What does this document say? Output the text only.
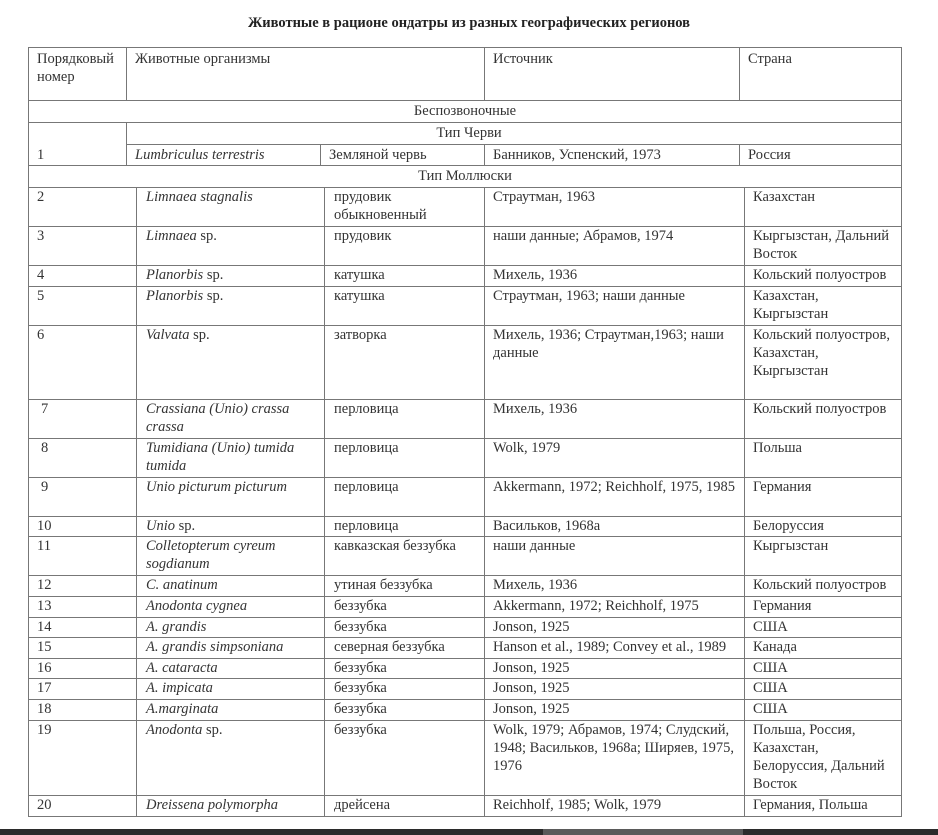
Животные в рационе ондатры из разных географических регионов
Порядковый номер	Животные организмы		Источник	Страна
Беспозвоночные				
1	Тип Черви			
	Lumbriculus terrestris	Земляной червь	Банников, Успенский, 1973	Россия
Тип Моллюски				
2	Limnaea stagnalis	прудовик обыкновенный	Страутман, 1963	Казахстан
3	Limnaea sp.	прудовик	наши данные; Абрамов, 1974	Кыргызстан, Дальний Восток
4	Planorbis sp.	катушка	Михель, 1936	Кольский полуостров
5	Planorbis sp.	катушка	Страутман, 1963; наши данные	Казахстан, Кыргызстан
6	Valvata sp.	затворка	Михель, 1936; Страутман,1963; наши данные	Кольский полуостров, Казахстан, Кыргызстан
7	Crassiana (Unio) crassa crassa	перловица	Михель, 1936	Кольский полуостров
8	Tumidiana (Unio) tumida tumida	перловица	Wolk, 1979	Польша
9	Unio picturum picturum	перловица	Akkermann, 1972; Reichholf, 1975, 1985	Германия
10	Unio sp.	перловица	Васильков, 1968а	Белоруссия
11	Colletopterum cyreum sogdianum	кавказская беззубка	наши данные	Кыргызстан
12	C. anatinum	утиная беззубка	Михель, 1936	Кольский полуостров
13	Anodonta cygnea	беззубка	Akkermann, 1972; Reichholf, 1975	Германия
14	A. grandis	беззубка	Jonson, 1925	США
15	A. grandis simpsoniana	северная беззубка	Hanson et al., 1989; Convey et al., 1989	Канада
16	A. cataracta	беззубка	Jonson, 1925	США
17	A. impicata	беззубка	Jonson, 1925	США
18	A.marginata	беззубка	Jonson, 1925	США
19	Anodonta sp.	беззубка	Wolk, 1979; Абрамов, 1974; Слудский, 1948; Васильков, 1968а; Ширяев, 1975, 1976	Польша, Россия, Казахстан, Белоруссия, Дальний Восток
20	Dreissena polymorpha	дрейсена	Reichholf, 1985; Wolk, 1979	Германия, Польша
